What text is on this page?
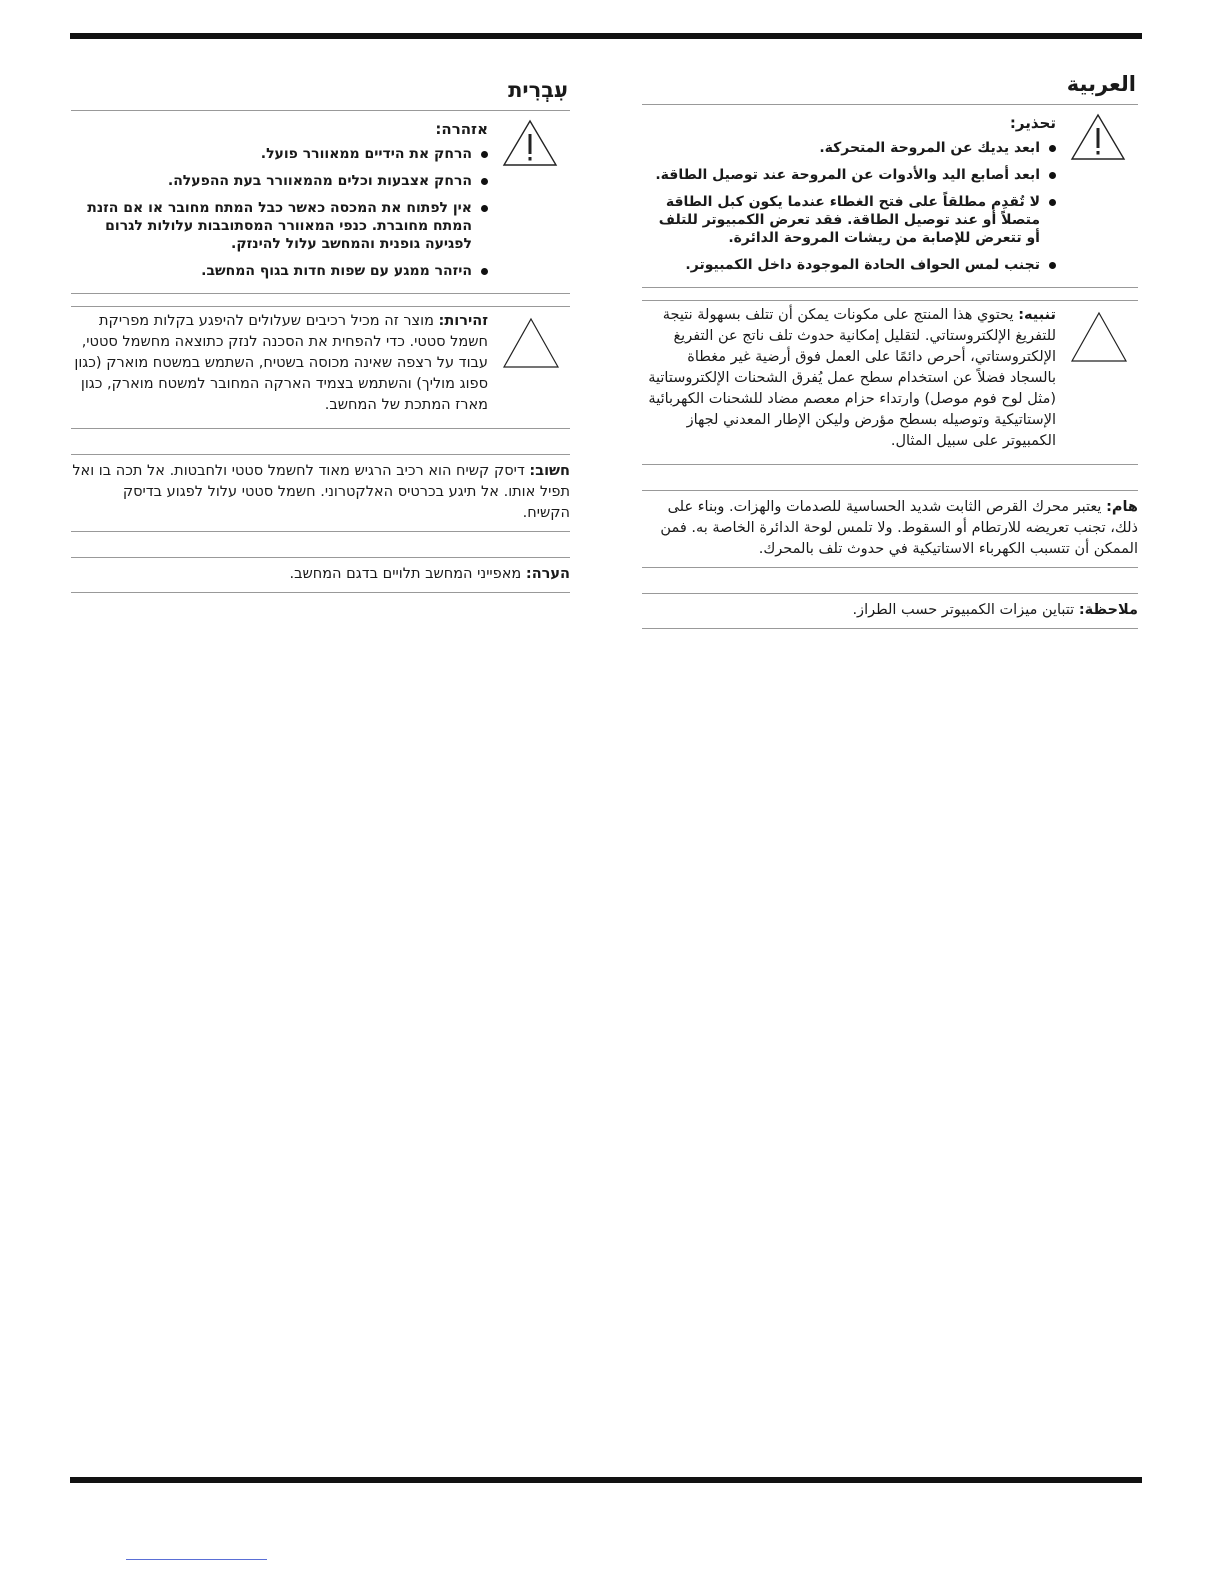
עִבְרִית
אזהרה:
הרחק את הידיים ממאוורר פועל.
הרחק אצבעות וכלים מהמאוורר בעת ההפעלה.
אין לפתוח את המכסה כאשר כבל המתח מחובר או אם הזנת המתח מחוברת. כנפי המאוורר המסתובבות עלולות לגרום לפגיעה גופנית והמחשב עלול להינזק.
היזהר ממגע עם שפות חדות בגוף המחשב.
זהירות: מוצר זה מכיל רכיבים שעלולים להיפגע בקלות מפריקת חשמל סטטי. כדי להפחית את הסכנה לנזק כתוצאה מחשמל סטטי, עבוד על רצפה שאינה מכוסה בשטיח, השתמש במשטח מוארק (כגון ספוג מוליך) והשתמש בצמיד הארקה המחובר למשטח מוארק, כגון מארז המתכת של המחשב.
חשוב: דיסק קשיח הוא רכיב הרגיש מאוד לחשמל סטטי ולחבטות. אל תכה בו ואל תפיל אותו. אל תיגע בכרטיס האלקטרוני. חשמל סטטי עלול לפגוע בדיסק הקשיח.
הערה: מאפייני המחשב תלויים בדגם המחשב.
العربية
تحذير:
ابعد يديك عن المروحة المتحركة.
ابعد أصابع اليد والأدوات عن المروحة عند توصيل الطاقة.
لا تُقدِم مطلقاً على فتح الغطاء عندما يكون كبل الطاقة متصلاً أو عند توصيل الطاقة. فقد تعرض الكمبيوتر للتلف أو تتعرض للإصابة من ريشات المروحة الدائرة.
تجنب لمس الحواف الحادة الموجودة داخل الكمبيوتر.
تنبيه: يحتوي هذا المنتج على مكونات يمكن أن تتلف بسهولة نتيجة للتفريغ الإلكتروستاتي. لتقليل إمكانية حدوث تلف ناتج عن التفريغ الإلكتروستاتي، أحرص دائمًا على العمل فوق أرضية غير مغطاة بالسجاد فضلاً عن استخدام سطح عمل يُفرق الشحنات الإلكتروستاتية (مثل لوح فوم موصل) وارتداء حزام معصم مضاد للشحنات الكهربائية الإستاتيكية وتوصيله بسطح مؤرض وليكن الإطار المعدني لجهاز الكمبيوتر على سبيل المثال.
هام: يعتبر محرك القرص الثابت شديد الحساسية للصدمات والهزات. وبناء على ذلك، تجنب تعريضه للارتطام أو السقوط. ولا تلمس لوحة الدائرة الخاصة به. فمن الممكن أن تتسبب الكهرباء الاستاتيكية في حدوث تلف بالمحرك.
ملاحظة: تتباين ميزات الكمبيوتر حسب الطراز.
